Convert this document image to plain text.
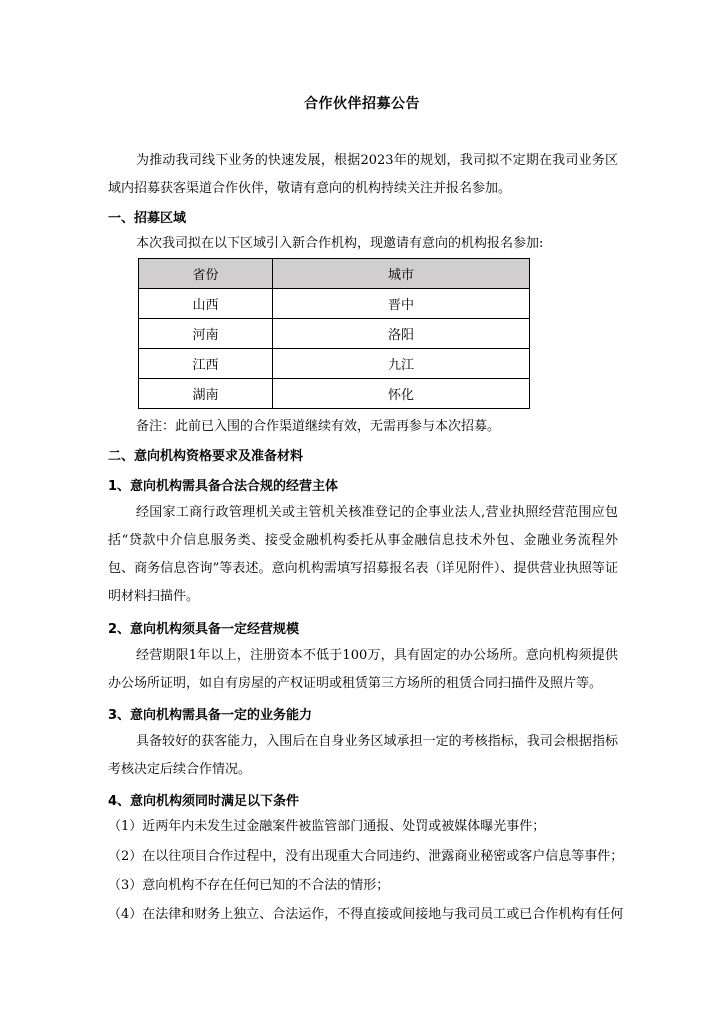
合作伙伴招募公告
为推动我司线下业务的快速发展，根据2023年的规划，我司拟不定期在我司业务区域内招募获客渠道合作伙伴，敬请有意向的机构持续关注并报名参加。
一、招募区域
本次我司拟在以下区域引入新合作机构，现邀请有意向的机构报名参加:
省份	城市
山西	晋中
河南	洛阳
江西	九江
湖南	怀化
备注：此前已入围的合作渠道继续有效，无需再参与本次招募。
二、意向机构资格要求及准备材料
1、意向机构需具备合法合规的经营主体
经国家工商行政管理机关或主管机关核准登记的企事业法人,营业执照经营范围应包括“贷款中介信息服务类、接受金融机构委托从事金融信息技术外包、金融业务流程外包、商务信息咨询”等表述。意向机构需填写招募报名表（详见附件）、提供营业执照等证明材料扫描件。
2、意向机构须具备一定经营规模
经营期限1年以上，注册资本不低于100万，具有固定的办公场所。意向机构须提供办公场所证明，如自有房屋的产权证明或租赁第三方场所的租赁合同扫描件及照片等。
3、意向机构需具备一定的业务能力
具备较好的获客能力，入围后在自身业务区域承担一定的考核指标，我司会根据指标考核决定后续合作情况。
4、意向机构须同时满足以下条件
（1）近两年内未发生过金融案件被监管部门通报、处罚或被媒体曝光事件；
（2）在以往项目合作过程中，没有出现重大合同违约、泄露商业秘密或客户信息等事件；
（3）意向机构不存在任何已知的不合法的情形；
（4）在法律和财务上独立、合法运作，不得直接或间接地与我司员工或已合作机构有任何
